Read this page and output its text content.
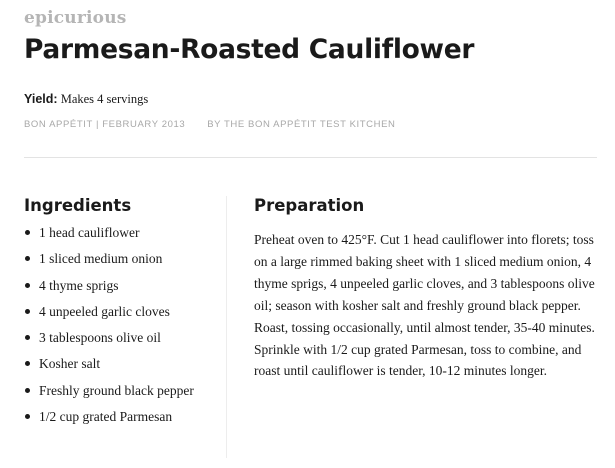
epicurious
Parmesan-Roasted Cauliflower
Yield: Makes 4 servings
BON APPÉTIT | FEBRUARY 2013 BY THE BON APPÉTIT TEST KITCHEN
Ingredients
1 head cauliflower
1 sliced medium onion
4 thyme sprigs
4 unpeeled garlic cloves
3 tablespoons olive oil
Kosher salt
Freshly ground black pepper
1/2 cup grated Parmesan
Preparation

Preheat oven to 425°F. Cut 1 head cauliflower into florets; toss on a large rimmed baking sheet with 1 sliced medium onion, 4 thyme sprigs, 4 unpeeled garlic cloves, and 3 tablespoons olive oil; season with kosher salt and freshly ground black pepper. Roast, tossing occasionally, until almost tender, 35-40 minutes. Sprinkle with 1/2 cup grated Parmesan, toss to combine, and roast until cauliflower is tender, 10-12 minutes longer.
